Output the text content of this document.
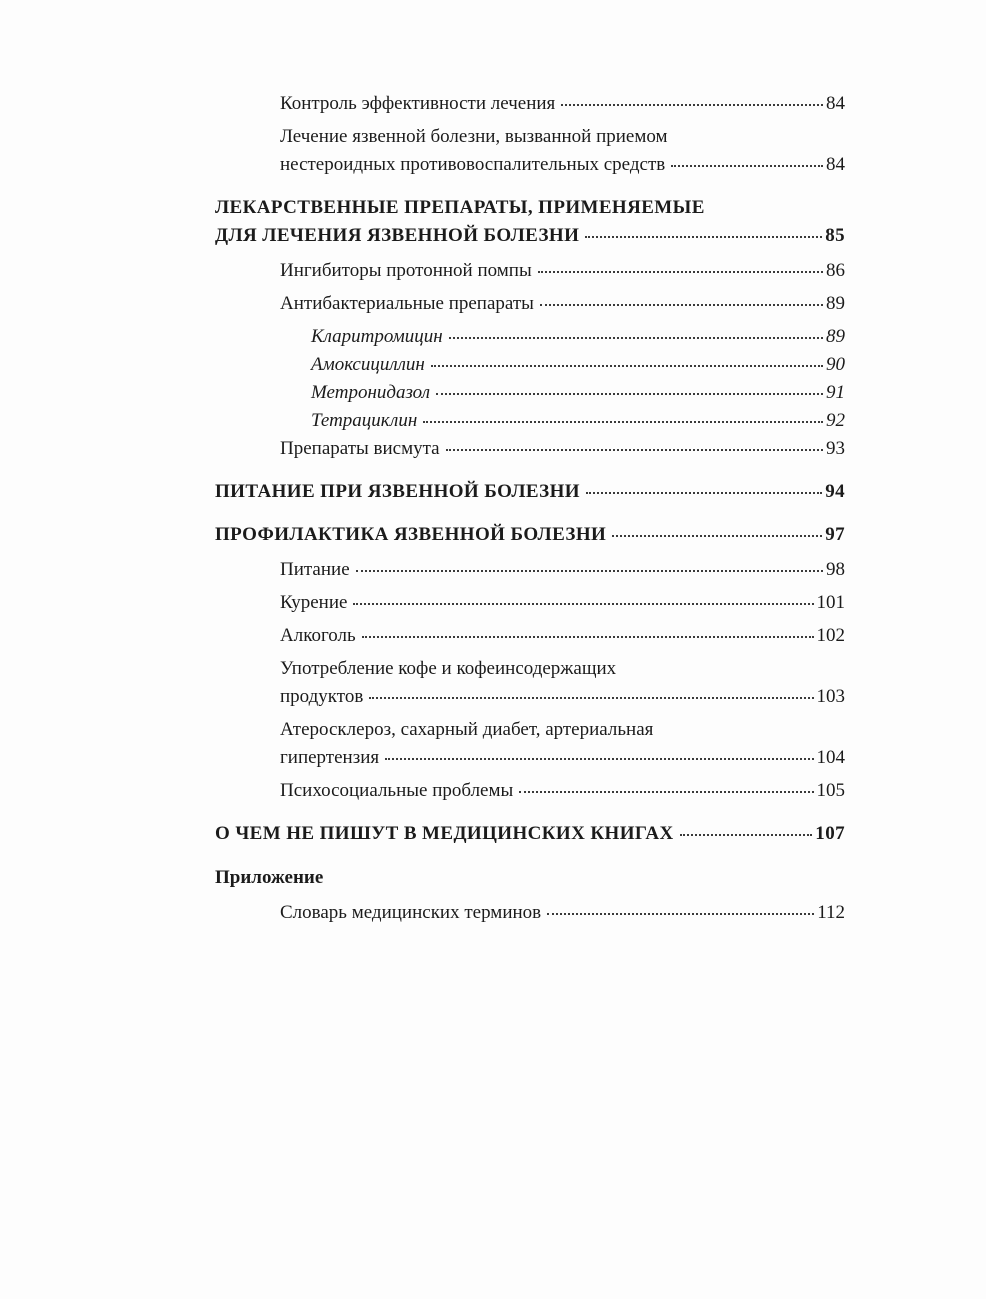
Контроль эффективности лечения	84
Лечение язвенной болезни, вызванной приемом
нестероидных противовоспалительных средств	84
ЛЕКАРСТВЕННЫЕ ПРЕПАРАТЫ, ПРИМЕНЯЕМЫЕ
ДЛЯ ЛЕЧЕНИЯ ЯЗВЕННОЙ БОЛЕЗНИ	85
Ингибиторы протонной помпы	86
Антибактериальные препараты	89
Кларитромицин	89
Амоксициллин	90
Метронидазол	91
Тетрациклин	92
Препараты висмута	93
ПИТАНИЕ ПРИ ЯЗВЕННОЙ БОЛЕЗНИ	94
ПРОФИЛАКТИКА ЯЗВЕННОЙ БОЛЕЗНИ	97
Питание	98
Курение	101
Алкоголь	102
Употребление кофе и кофеинсодержащих
продуктов	103
Атеросклероз, сахарный диабет, артериальная
гипертензия	104
Психосоциальные проблемы	105
О ЧЕМ НЕ ПИШУТ В МЕДИЦИНСКИХ КНИГАХ	107
Приложение
Словарь медицинских терминов	112
